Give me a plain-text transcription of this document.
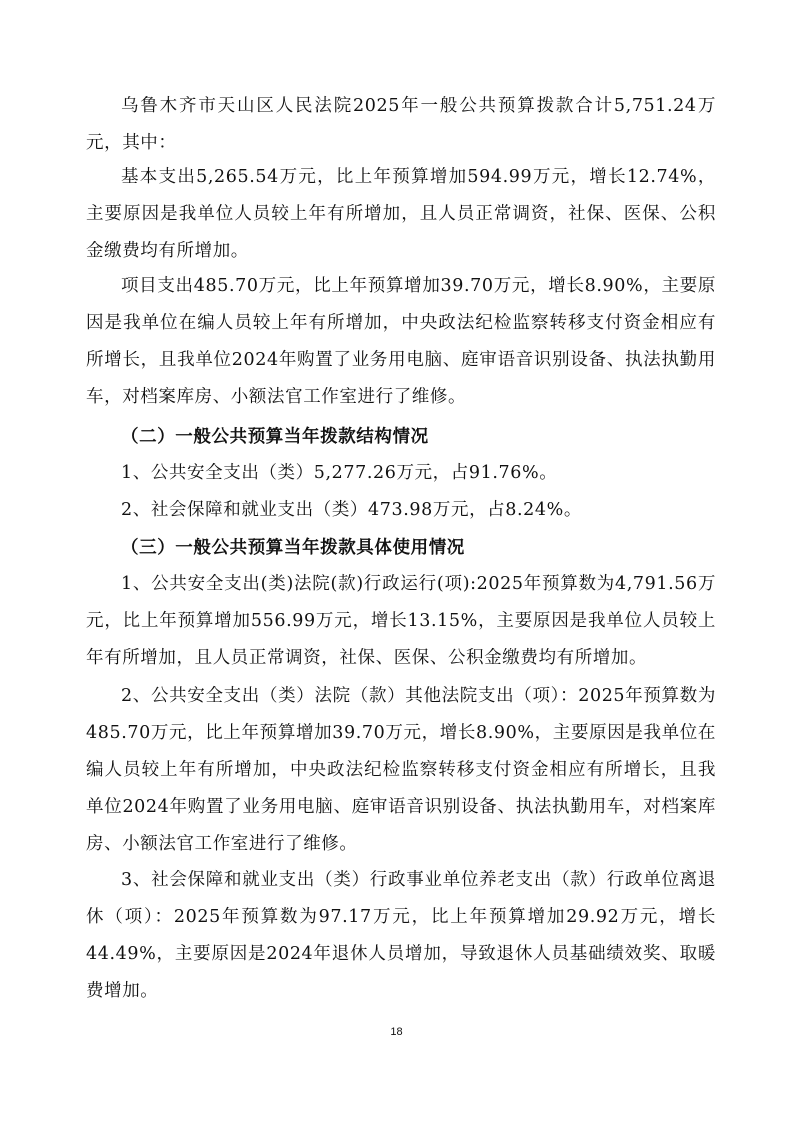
乌鲁木齐市天山区人民法院2025年一般公共预算拨款合计5,751.24万元，其中：

基本支出5,265.54万元，比上年预算增加594.99万元，增长12.74%，主要原因是我单位人员较上年有所增加，且人员正常调资，社保、医保、公积金缴费均有所增加。

项目支出485.70万元，比上年预算增加39.70万元，增长8.90%，主要原因是我单位在编人员较上年有所增加，中央政法纪检监察转移支付资金相应有所增长，且我单位2024年购置了业务用电脑、庭审语音识别设备、执法执勤用车，对档案库房、小额法官工作室进行了维修。

（二）一般公共预算当年拨款结构情况

1、公共安全支出（类）5,277.26万元，占91.76%。

2、社会保障和就业支出（类）473.98万元，占8.24%。

（三）一般公共预算当年拨款具体使用情况

1、公共安全支出(类)法院(款)行政运行(项):2025年预算数为4,791.56万元，比上年预算增加556.99万元，增长13.15%，主要原因是我单位人员较上年有所增加，且人员正常调资，社保、医保、公积金缴费均有所增加。

2、公共安全支出（类）法院（款）其他法院支出（项）：2025年预算数为485.70万元，比上年预算增加39.70万元，增长8.90%，主要原因是我单位在编人员较上年有所增加，中央政法纪检监察转移支付资金相应有所增长，且我单位2024年购置了业务用电脑、庭审语音识别设备、执法执勤用车，对档案库房、小额法官工作室进行了维修。

3、社会保障和就业支出（类）行政事业单位养老支出（款）行政单位离退休（项）：2025年预算数为97.17万元，比上年预算增加29.92万元，增长44.49%，主要原因是2024年退休人员增加，导致退休人员基础绩效奖、取暖费增加。

18
